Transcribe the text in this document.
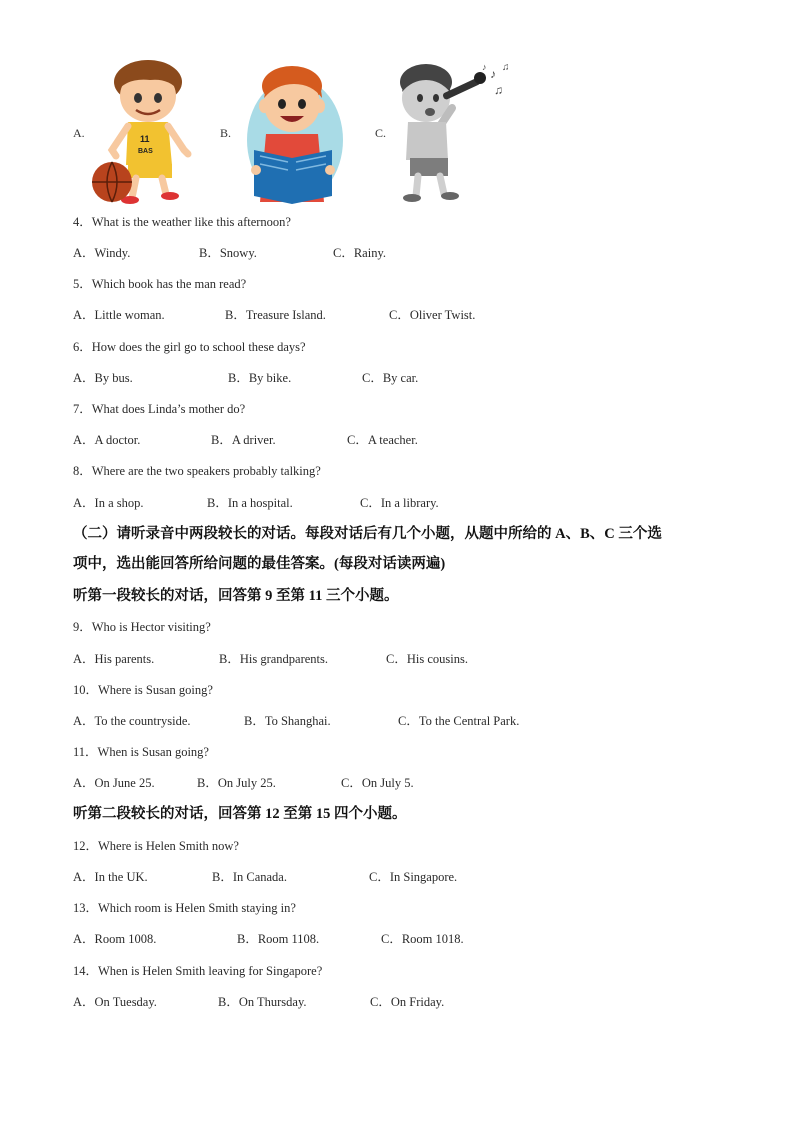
A.	11
BAS
B.	C.
♪ ♫
♪
♫
4．What is the weather like this afternoon?
A．Windy.	B．Snowy.	C．Rainy.
5．Which book has the man read?
A．Little woman.	B．Treasure Island.	C．Oliver Twist.
6．How does the girl go to school these days?
A．By bus.	B．By bike.	C．By car.
7．What does Linda’s mother do?
A．A doctor.	B．A driver.	C．A teacher.
8．Where are the two speakers probably talking?
A．In a shop.	B．In a hospital.	C．In a library.
（二）请听录音中两段较长的对话。每段对话后有几个小题，从题中所给的 A、B、C 三个选
项中，选出能回答所给问题的最佳答案。(每段对话读两遍)
听第一段较长的对话，回答第 9 至第 11 三个小题。
9．Who is Hector visiting?
A．His parents.	B．His grandparents.	C．His cousins.
10．Where is Susan going?
A．To the countryside.	B．To Shanghai.	C．To the Central Park.
11．When is Susan going?
A．On June 25.	B．On July 25.	C．On July 5.
听第二段较长的对话，回答第 12 至第 15 四个小题。
12．Where is Helen Smith now?
A．In the UK.	B．In Canada.	C．In Singapore.
13．Which room is Helen Smith staying in?
A．Room 1008.	B．Room 1108.	C．Room 1018.
14．When is Helen Smith leaving for Singapore?
A．On Tuesday.	B．On Thursday.	C．On Friday.
